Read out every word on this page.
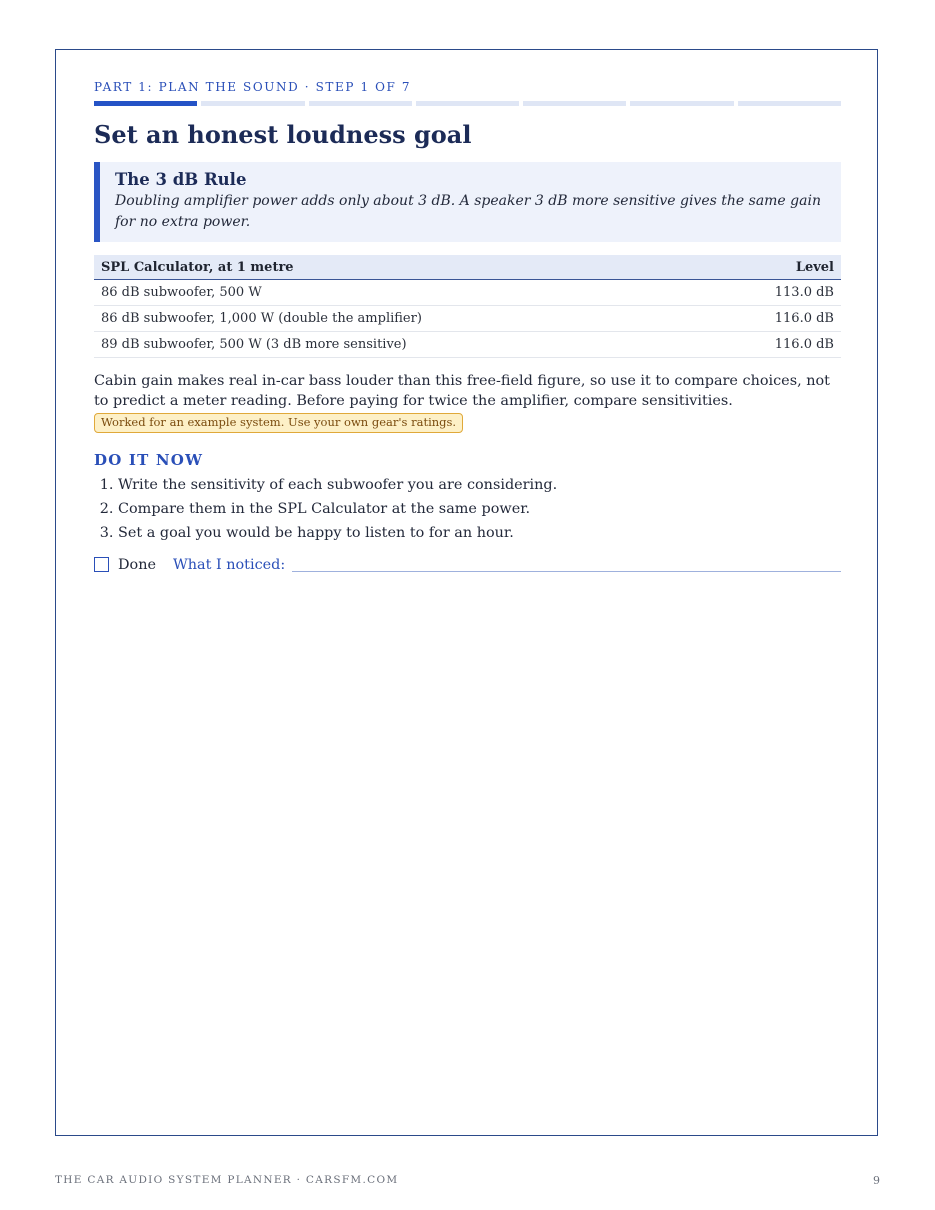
PART 1: PLAN THE SOUND · STEP 1 OF 7
Set an honest loudness goal
The 3 dB Rule
Doubling amplifier power adds only about 3 dB. A speaker 3 dB more sensitive gives the same gain for no extra power.
SPL Calculator, at 1 metre	Level
86 dB subwoofer, 500 W	113.0 dB
86 dB subwoofer, 1,000 W (double the amplifier)	116.0 dB
89 dB subwoofer, 500 W (3 dB more sensitive)	116.0 dB
Cabin gain makes real in-car bass louder than this free-field figure, so use it to compare choices, not to predict a meter reading. Before paying for twice the amplifier, compare sensitivities.
Worked for an example system. Use your own gear's ratings.
DO IT NOW
1. Write the sensitivity of each subwoofer you are considering.
2. Compare them in the SPL Calculator at the same power.
3. Set a goal you would be happy to listen to for an hour.
Done What I noticed:
THE CAR AUDIO SYSTEM PLANNER · CARSFM.COM	9
